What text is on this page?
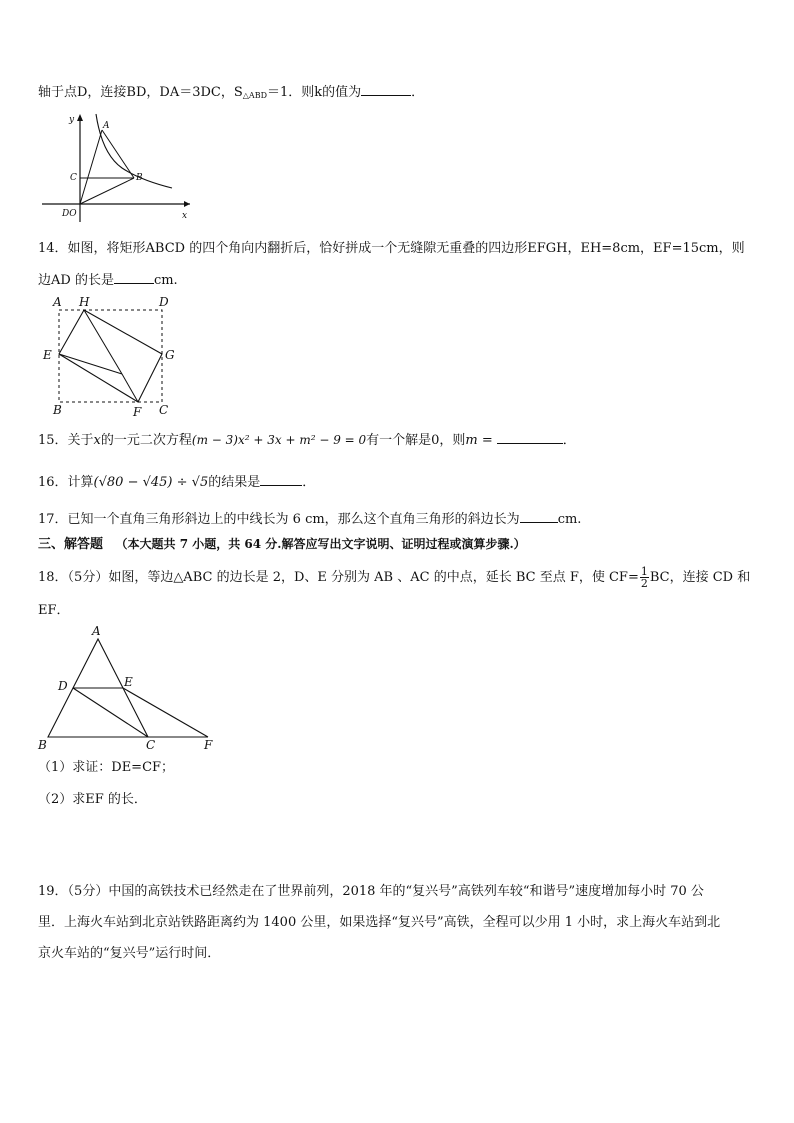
轴于点D，连接BD，DA＝3DC，$S_{\triangle ABD}=1$．则k的值为	．
y
x
A
B
C
DO
14．如图，将矩形ABCD 的四个角向内翻折后，恰好拼成一个无缝隙无重叠的四边形EFGH，EH=8cm，EF=15cm，则
边AD 的长是	cm.
A H	D
E	G
B	F C
15．关于x的一元二次方程(m − 3)x² + 3x + m² − 9 = 0有一个解是0，则m =	．
16．计算(√80 − √45) ÷ √5的结果是	．
17．已知一个直角三角形斜边上的中线长为 6 cm，那么这个直角三角形的斜边长为	cm.
三、解答题 （本大题共 7 小题，共 64 分.解答应写出文字说明、证明过程或演算步骤.）
18．（5分）如图，等边△ABC 的边长是 2，D、E 分别为 AB 、AC 的中点，延长 BC 至点 F，使 $CF= \frac{1}{2}$ BC，连接 CD 和
EF．
A
D	E
B	C	F
（1）求证：DE=CF；
（2）求EF 的长．
19．（5分）中国的高铁技术已经然走在了世界前列，2018 年的“复兴号”高铁列车较“和谐号”速度增加每小时 70 公
里．上海火车站到北京站铁路距离约为 1400 公里，如果选择“复兴号”高铁，全程可以少用 1 小时，求上海火车站到北
京火车站的“复兴号”运行时间．
